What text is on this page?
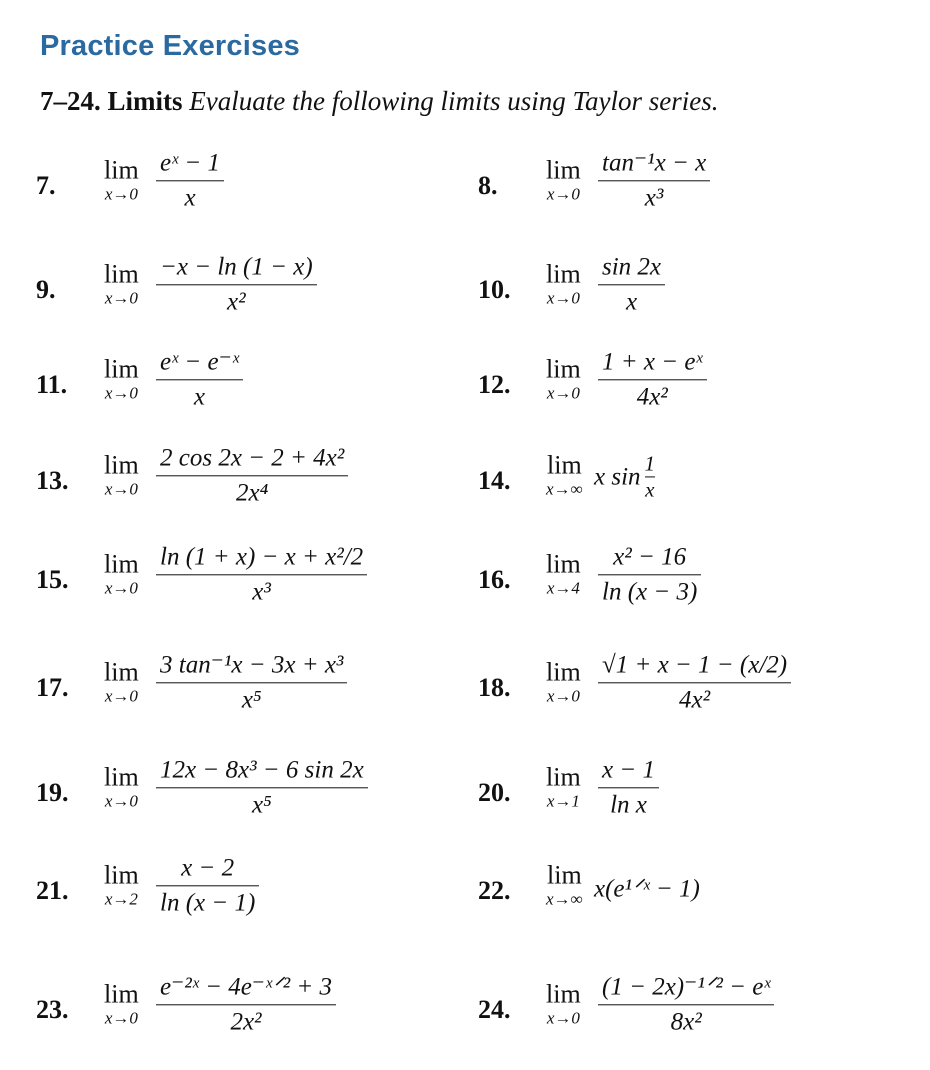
Practice Exercises
7–24. Limits Evaluate the following limits using Taylor series.
7.
lim
x→0
eˣ − 1
x	8.
lim
x→0
tan⁻¹x − x
x³
9.
lim
x→0
−x − ln (1 − x)
x²	10.
lim
x→0
sin 2x
x
11.
lim
x→0
eˣ − e⁻ˣ
x	12.
lim
x→0
1 + x − eˣ
4x²
13.
lim
x→0
2 cos 2x − 2 + 4x²
2x⁴	14.
lim
x→∞ x sin 1
x
15.
lim
x→0
ln (1 + x) − x + x²/2
x³	16.
lim
x→4
x² − 16
ln (x − 3)
17.
lim
x→0
3 tan⁻¹x − 3x + x³
x⁵	18.
lim
x→0
√1 + x − 1 − (x/2)
4x²
19.
lim
x→0
12x − 8x³ − 6 sin 2x
x⁵	20.
lim
x→1
x − 1
ln x
21.
lim
x→2
x − 2
ln (x − 1)	22.
lim
x→∞ x(e¹ᐟˣ − 1)
23.
lim
x→0
e⁻²ˣ − 4e⁻ˣᐟ² + 3
2x²	24.
lim
x→0
(1 − 2x)⁻¹ᐟ² − eˣ
8x²
